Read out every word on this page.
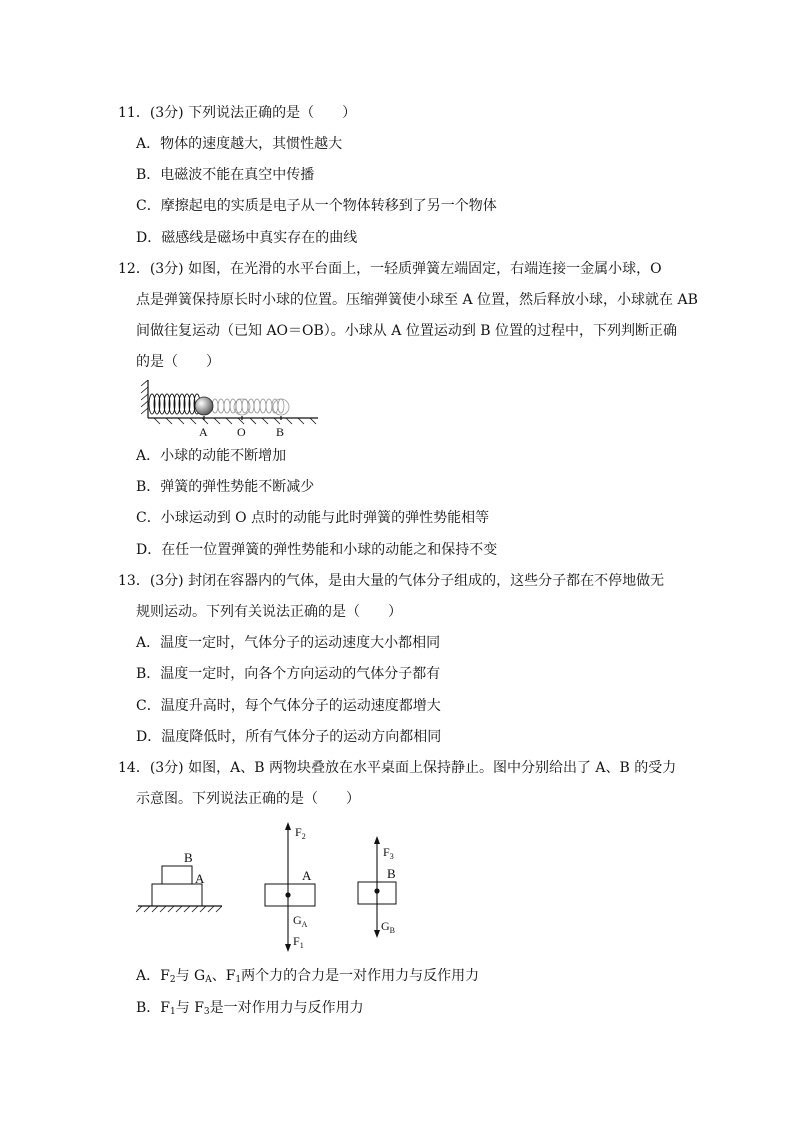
11．(3分) 下列说法正确的是（　　）
A．物体的速度越大，其惯性越大
B．电磁波不能在真空中传播
C．摩擦起电的实质是电子从一个物体转移到了另一个物体
D．磁感线是磁场中真实存在的曲线
12．(3分) 如图，在光滑的水平台面上，一轻质弹簧左端固定，右端连接一金属小球，O
点是弹簧保持原长时小球的位置。压缩弹簧使小球至 A 位置，然后释放小球，小球就在 AB
间做往复运动（已知 AO＝OB）。小球从 A 位置运动到 B 位置的过程中，下列判断正确
的是（　　）
A O	B
A．小球的动能不断增加
B．弹簧的弹性势能不断减少
C．小球运动到 O 点时的动能与此时弹簧的弹性势能相等
D．在任一位置弹簧的弹性势能和小球的动能之和保持不变
13．(3分) 封闭在容器内的气体，是由大量的气体分子组成的，这些分子都在不停地做无
规则运动。下列有关说法正确的是（　　）
A．温度一定时，气体分子的运动速度大小都相同
B．温度一定时，向各个方向运动的气体分子都有
C．温度升高时，每个气体分子的运动速度都增大
D．温度降低时，所有气体分子的运动方向都相同
14．(3分) 如图，A、B 两物块叠放在水平桌面上保持静止。图中分别给出了 A、B 的受力
示意图。下列说法正确的是（　　）
B
A
$F_2$
A
$G_A$
$F_1$
$F_3$
B
$G_B$
A．$F_2$与 $G_A$、$F_1$两个力的合力是一对作用力与反作用力
B．$F_1$与 $F_3$是一对作用力与反作用力
